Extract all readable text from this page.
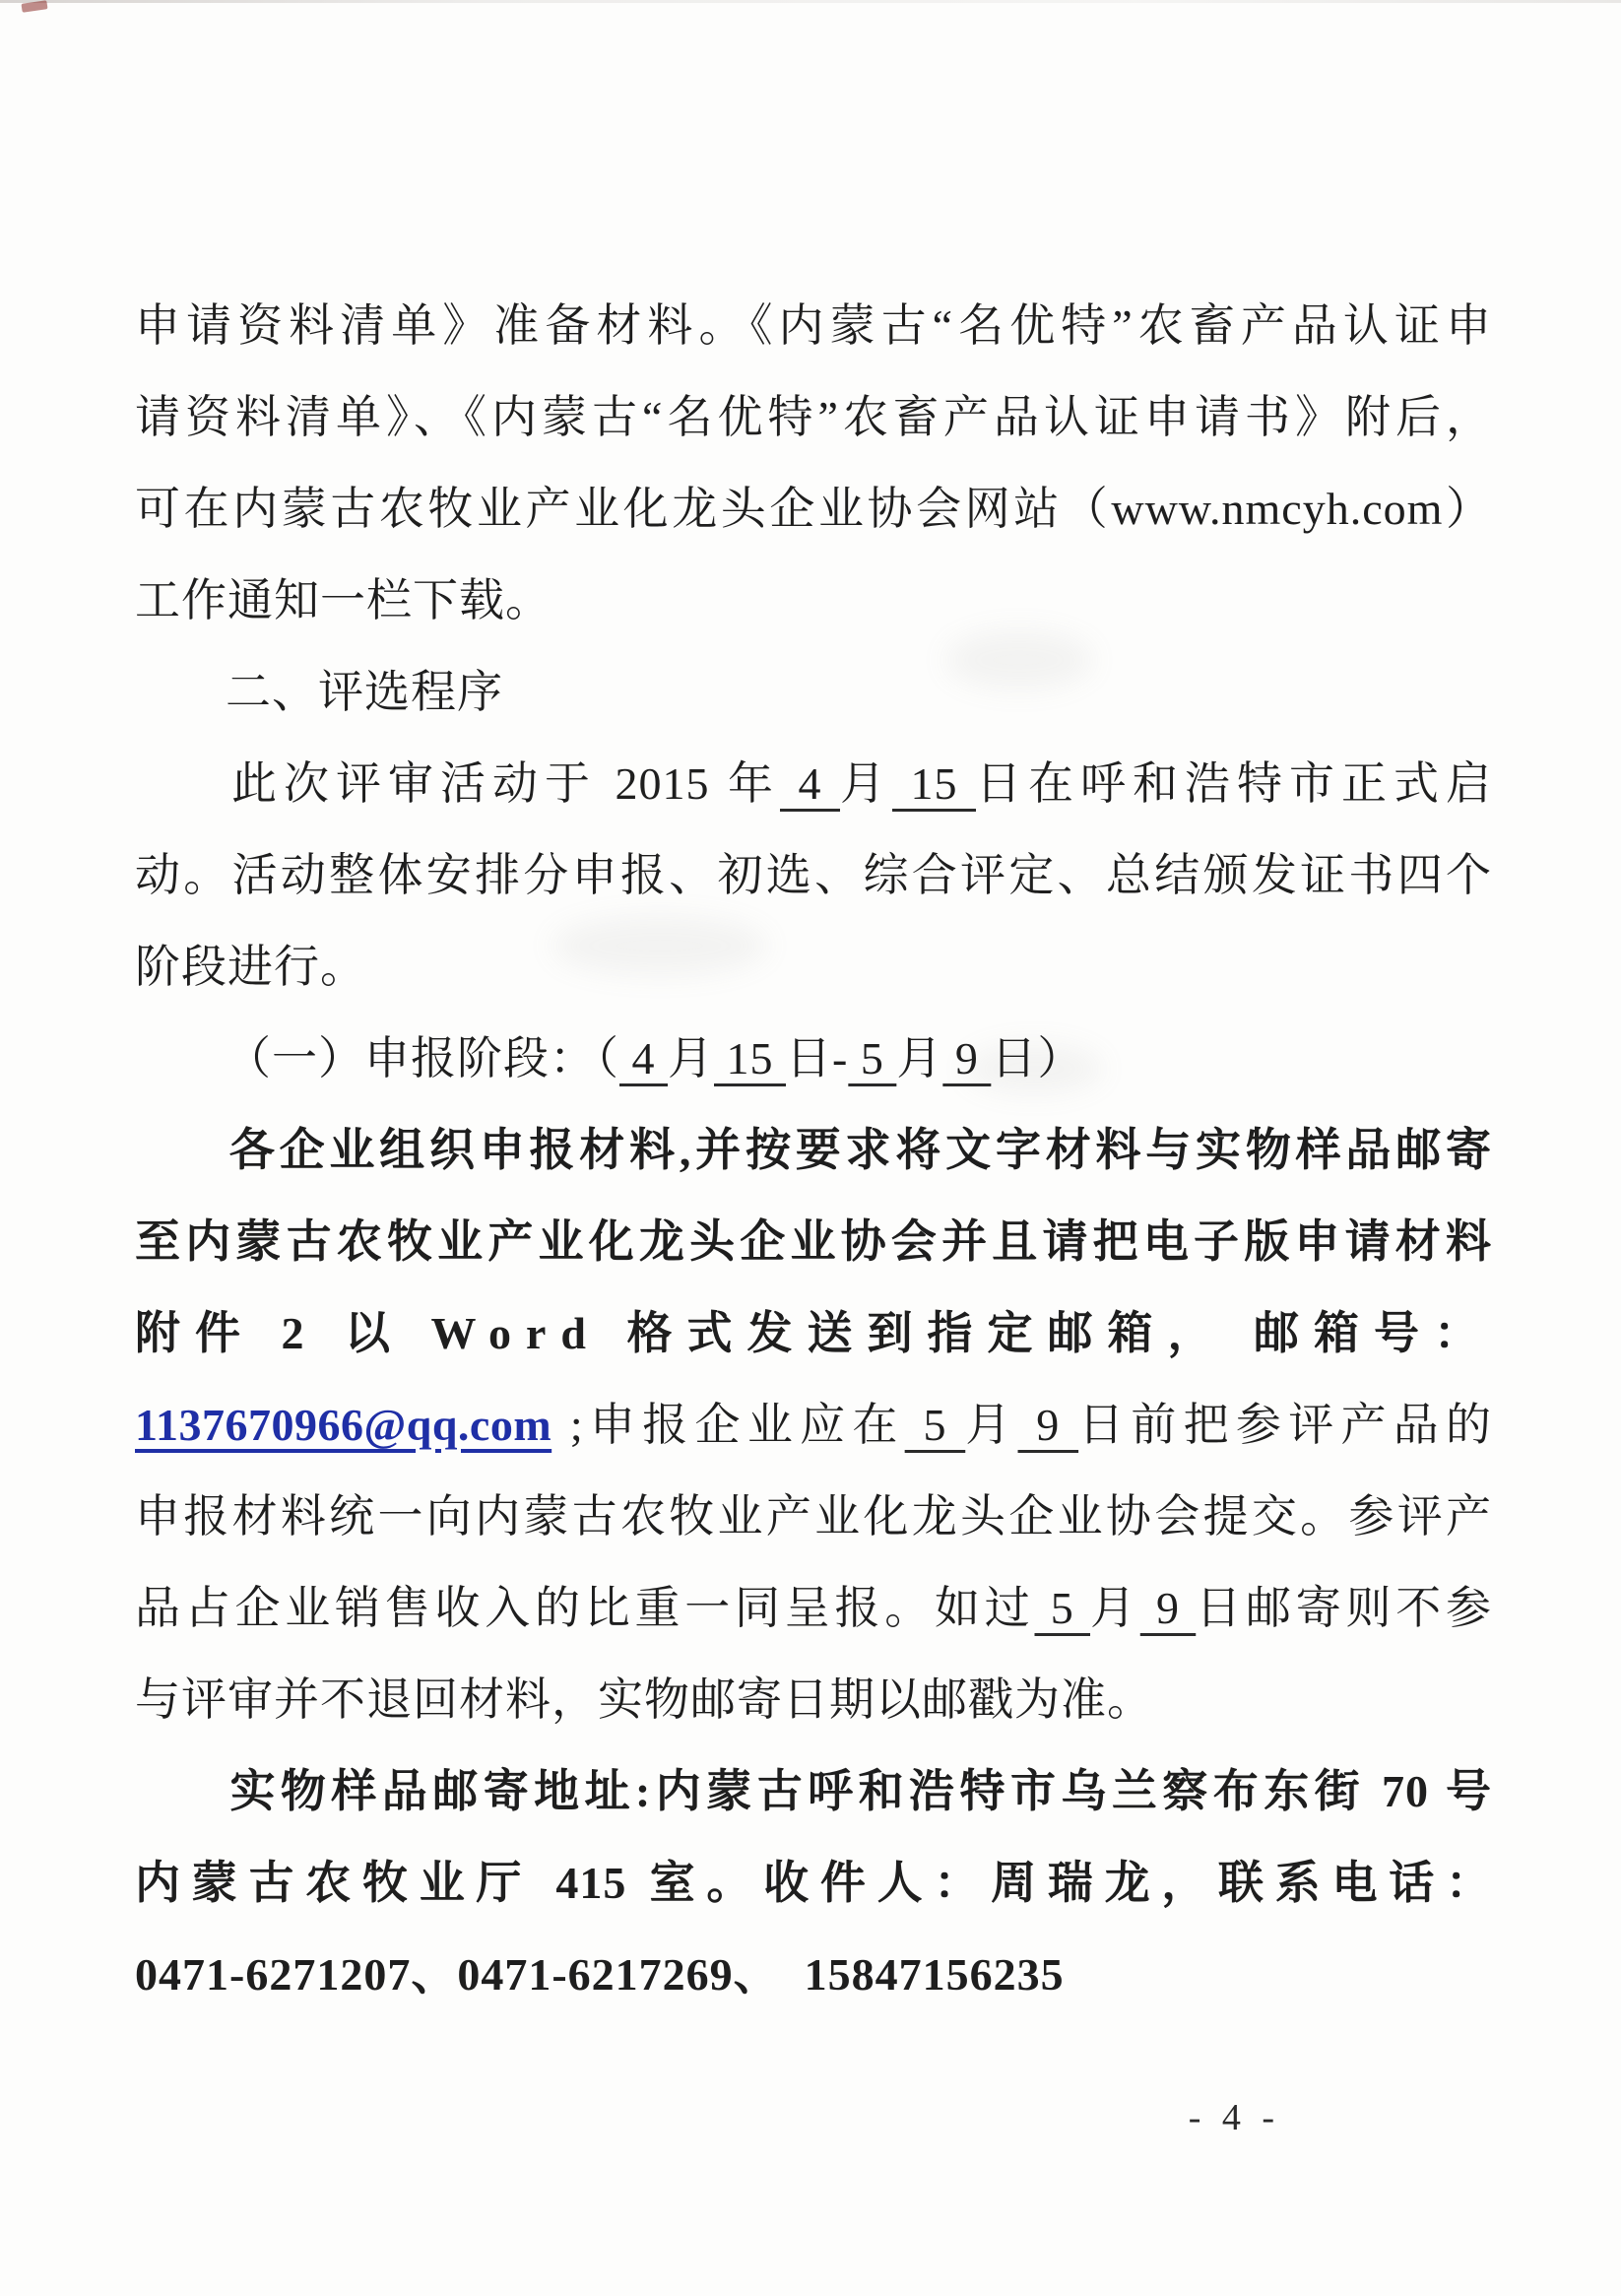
申请资料清单》准备材料。《内蒙古“名优特”农畜产品认证申
请资料清单》、《内蒙古“名优特”农畜产品认证申请书》附后，
可在内蒙古农牧业产业化龙头企业协会网站（www.nmcyh.com）
工作通知一栏下载。
二、评选程序
此次评审活动于 2015 年 4 月 15 日在呼和浩特市正式启
动。活动整体安排分申报、初选、综合评定、总结颁发证书四个
阶段进行。
（一）申报阶段：（ 4 月 15 日- 5 月 9 日）
各企业组织申报材料,并按要求将文字材料与实物样品邮寄
至内蒙古农牧业产业化龙头企业协会并且请把电子版申请材料
附件 2 以 Word 格式发送到指定邮箱， 邮箱号：
1137670966@qq.com ;申报企业应在 5 月 9 日前把参评产品的
申报材料统一向内蒙古农牧业产业化龙头企业协会提交。参评产
品占企业销售收入的比重一同呈报。如过 5 月 9 日邮寄则不参
与评审并不退回材料，实物邮寄日期以邮戳为准。
实物样品邮寄地址:内蒙古呼和浩特市乌兰察布东街 70 号
内蒙古农牧业厅 415 室。收件人：周瑞龙，联系电话：
0471-6271207、0471-6217269、  15847156235
- 4 -
